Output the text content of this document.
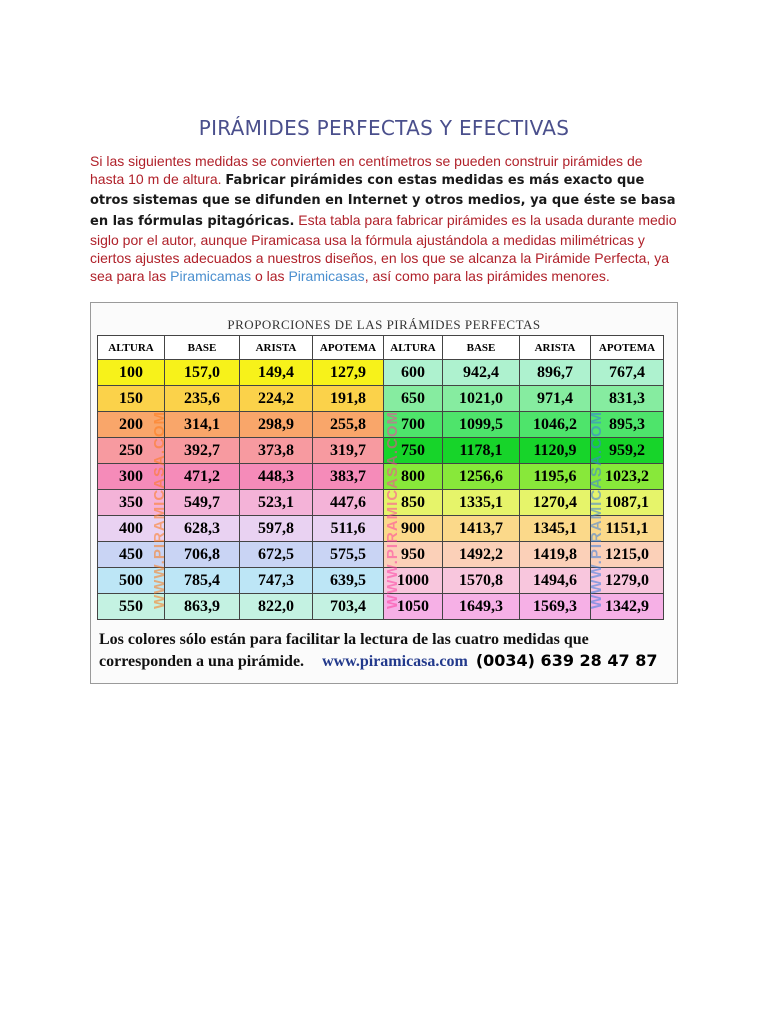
PIRÁMIDES PERFECTAS Y EFECTIVAS
Si las siguientes medidas se convierten en centímetros se pueden construir pirámides de hasta 10 m de altura. Fabricar pirámides con estas medidas es más exacto que otros sistemas que se difunden en Internet y otros medios, ya que éste se basa en las fórmulas pitagóricas. Esta tabla para fabricar pirámides es la usada durante medio siglo por el autor, aunque Piramicasa usa la fórmula ajustándola a medidas milimétricas y ciertos ajustes adecuados a nuestros diseños, en los que se alcanza la Pirámide Perfecta, ya sea para las Piramicamas o las Piramicasas, así como para las pirámides menores.
PROPORCIONES DE LAS PIRÁMIDES PERFECTAS
ALTURA	BASE	ARISTA	APOTEMA	ALTURA	BASE	ARISTA	APOTEMA
100	157,0	149,4	127,9	600	942,4	896,7	767,4
150	235,6	224,2	191,8	650	1021,0	971,4	831,3
200	314,1	298,9	255,8	700	1099,5	1046,2	895,3
250	392,7	373,8	319,7	750	1178,1	1120,9	959,2
300	471,2	448,3	383,7	800	1256,6	1195,6	1023,2
350	549,7	523,1	447,6	850	1335,1	1270,4	1087,1
400	628,3	597,8	511,6	900	1413,7	1345,1	1151,1
450	706,8	672,5	575,5	950	1492,2	1419,8	1215,0
500	785,4	747,3	639,5	1000	1570,8	1494,6	1279,0
550	863,9	822,0	703,4	1050	1649,3	1569,3	1342,9
WWW.PIRAMICASA.COM	WWW.PIRAMICASA.COM	WWW.PIRAMICASA.COM
Los colores sólo están para facilitar la lectura de las cuatro medidas que corresponden a una pirámide. www.piramicasa.com (0034) 639 28 47 87
